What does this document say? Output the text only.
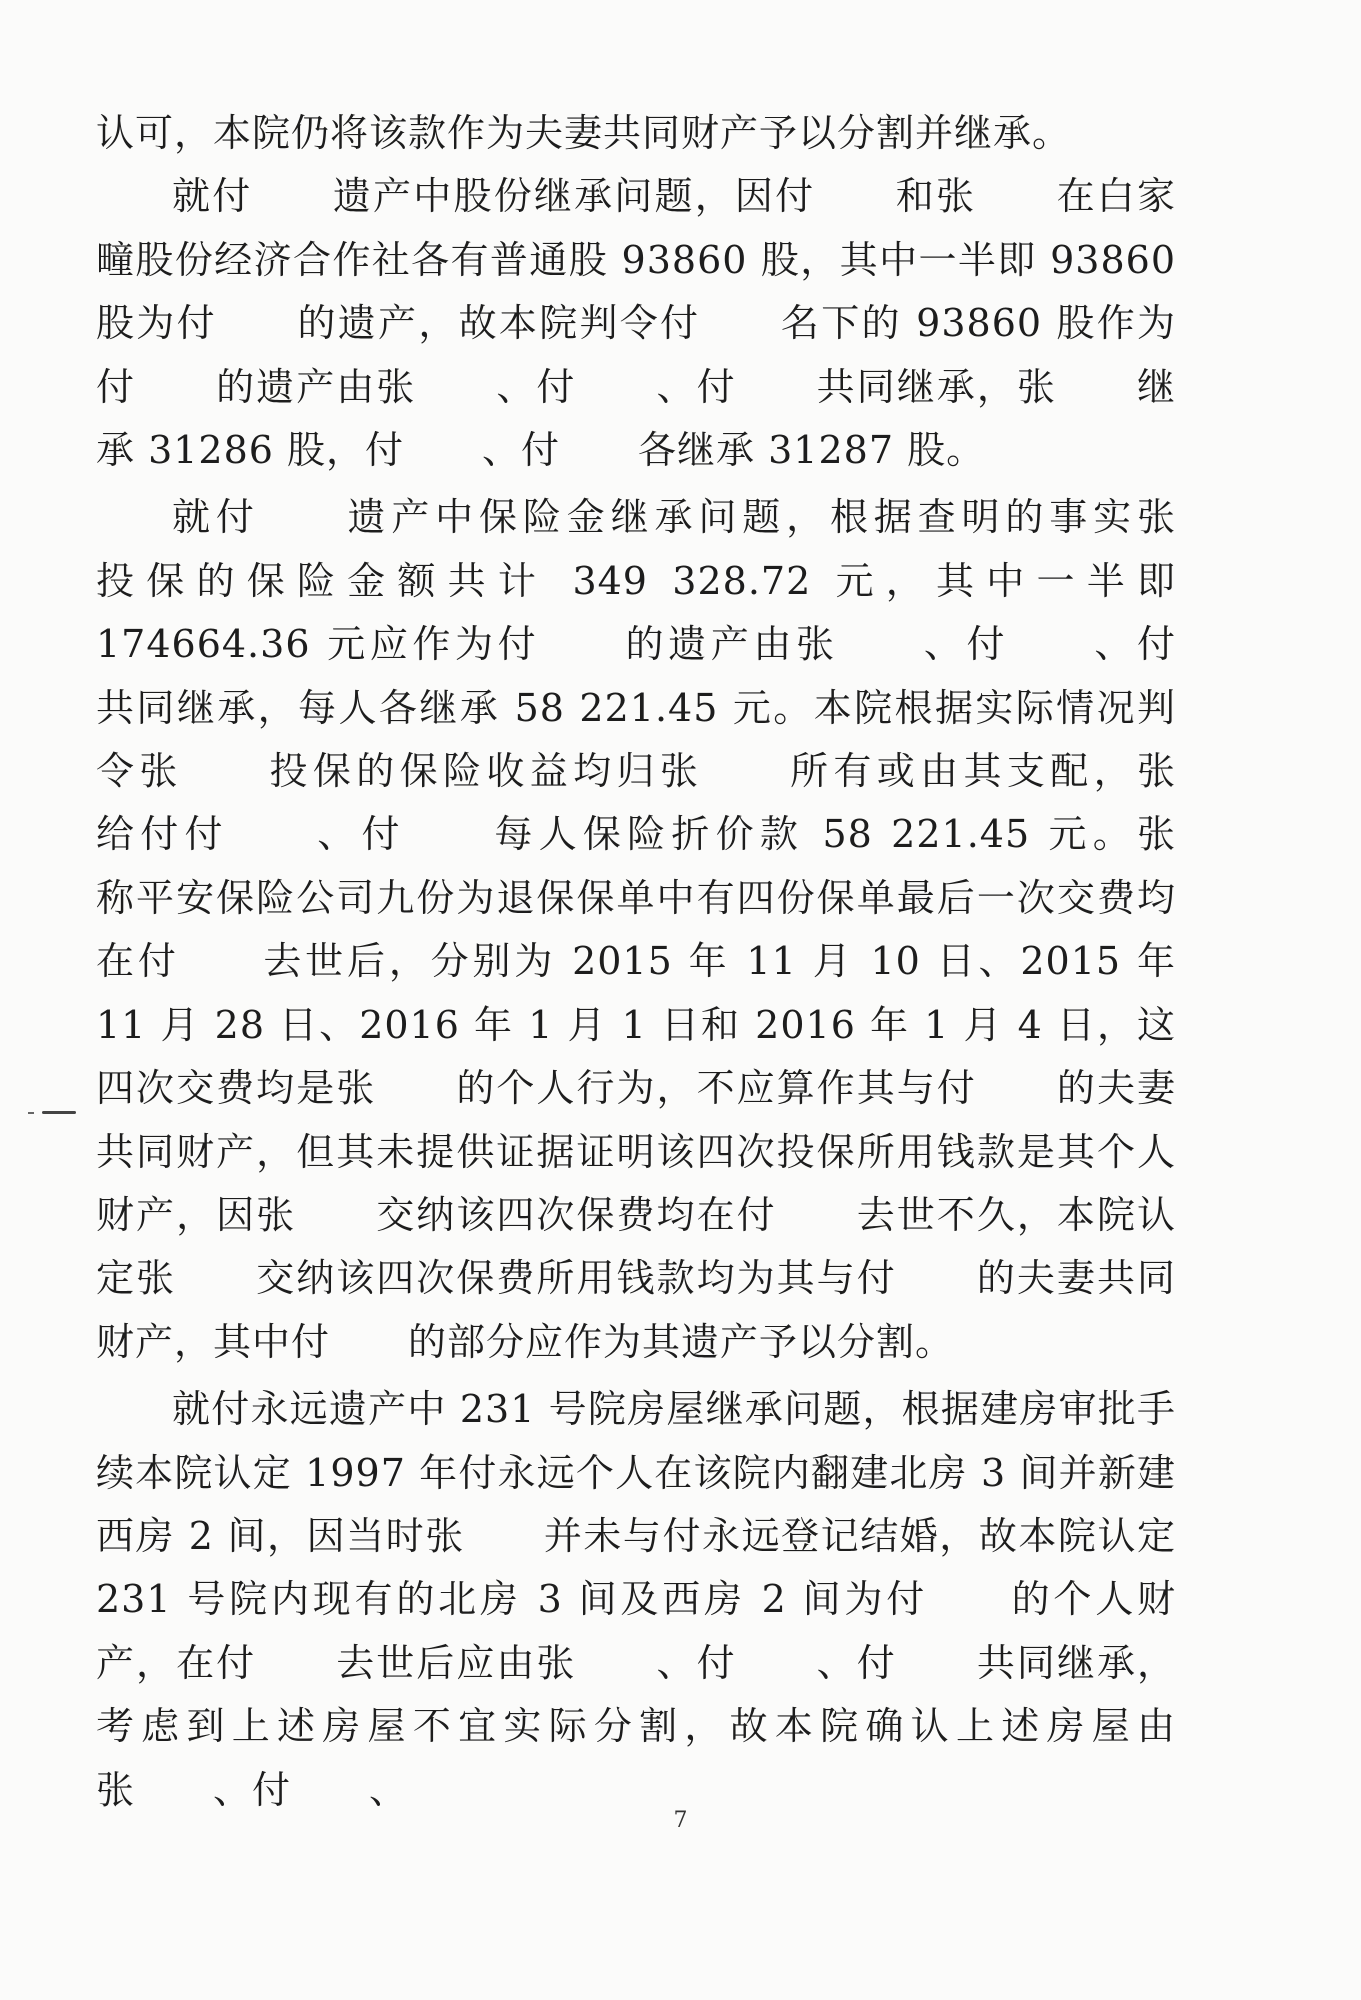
认可，本院仍将该款作为夫妻共同财产予以分割并继承。

就付　　遗产中股份继承问题，因付　　和张　　在白家疃股份经济合作社各有普通股 93860 股，其中一半即 93860 股为付　　的遗产，故本院判令付　　名下的 93860 股作为付　　的遗产由张　　、付　　、付　　共同继承，张　　继承 31286 股，付　　、付　　各继承 31287 股。

就付　　遗产中保险金继承问题，根据查明的事实张　　投保的保险金额共计 349 328.72 元，其中一半即 174664.36 元应作为付　　的遗产由张　　、付　　、付　　共同继承，每人各继承 58 221.45 元。本院根据实际情况判令张　　投保的保险收益均归张　　所有或由其支配，张　　给付付　　、付　　每人保险折价款 58 221.45 元。张　　称平安保险公司九份为退保保单中有四份保单最后一次交费均在付　　去世后，分别为 2015 年 11 月 10 日、2015 年 11 月 28 日、2016 年 1 月 1 日和 2016 年 1 月 4 日，这四次交费均是张　　的个人行为，不应算作其与付　　的夫妻共同财产，但其未提供证据证明该四次投保所用钱款是其个人财产，因张　　交纳该四次保费均在付　　去世不久，本院认定张　　交纳该四次保费所用钱款均为其与付　　的夫妻共同财产，其中付　　的部分应作为其遗产予以分割。

就付永远遗产中 231 号院房屋继承问题，根据建房审批手续本院认定 1997 年付永远个人在该院内翻建北房 3 间并新建西房 2 间，因当时张　　并未与付永远登记结婚，故本院认定 231 号院内现有的北房 3 间及西房 2 间为付　　的个人财产，在付　　去世后应由张　　、付　　、付　　共同继承，考虑到上述房屋不宜实际分割，故本院确认上述房屋由张　　、付　　、

7
